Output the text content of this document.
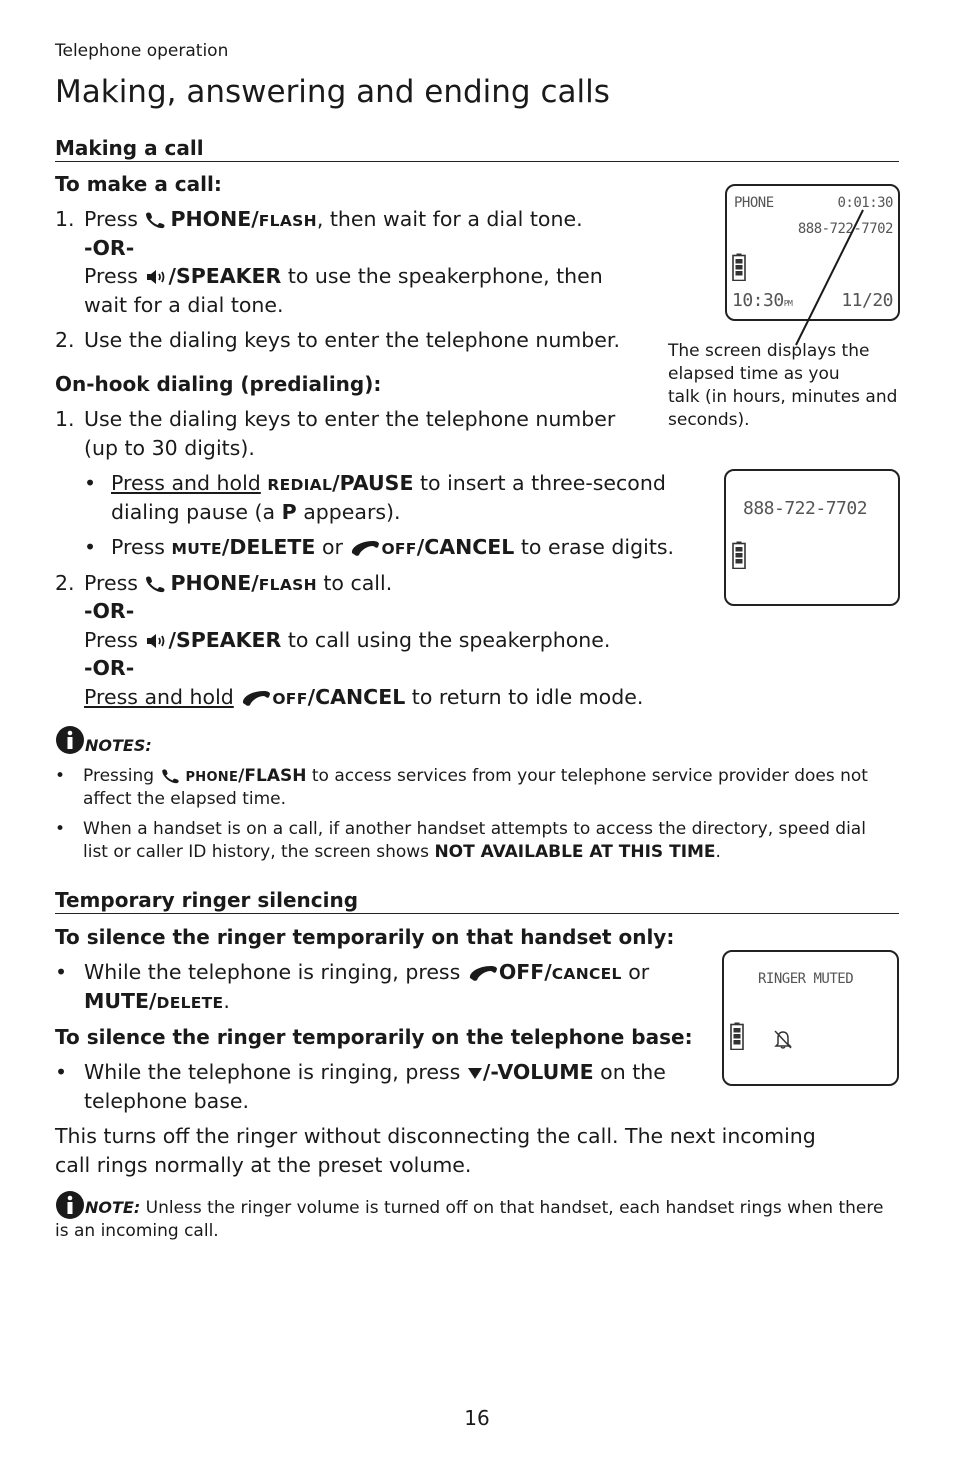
Telephone operation
Making, answering and ending calls
Making a call
To make a call:
1. Press PHONE/FLASH, then wait for a dial tone.
-OR-
Press /SPEAKER to use the speakerphone, then
wait for a dial tone.
2. Use the dialing keys to enter the telephone number.
On-hook dialing (predialing):
1. Use the dialing keys to enter the telephone number
(up to 30 digits).
• Press and hold REDIAL/PAUSE to insert a three-second
dialing pause (a P appears).
• Press MUTE/DELETE or OFF/CANCEL to erase digits.
2. Press PHONE/FLASH to call.
-OR-
Press /SPEAKER to call using the speakerphone.
-OR-
Press and hold OFF/CANCEL to return to idle mode.
NOTES:
• Pressing PHONE/FLASH to access services from your telephone service provider does not
affect the elapsed time.
• When a handset is on a call, if another handset attempts to access the directory, speed dial
list or caller ID history, the screen shows NOT AVAILABLE AT THIS TIME.
PHONE	0:01:30
888-722-7702
10:30PM	11/20
The screen displays the
elapsed time as you
talk (in hours, minutes and
seconds).
888-722-7702
Temporary ringer silencing
To silence the ringer temporarily on that handset only:
• While the telephone is ringing, press OFF/CANCEL or
MUTE/DELETE.
To silence the ringer temporarily on the telephone base:
• While the telephone is ringing, press /-VOLUME on the
telephone base.
This turns off the ringer without disconnecting the call. The next incoming
call rings normally at the preset volume.
RINGER MUTED
NOTE: Unless the ringer volume is turned off on that handset, each handset rings when there
is an incoming call.
16
